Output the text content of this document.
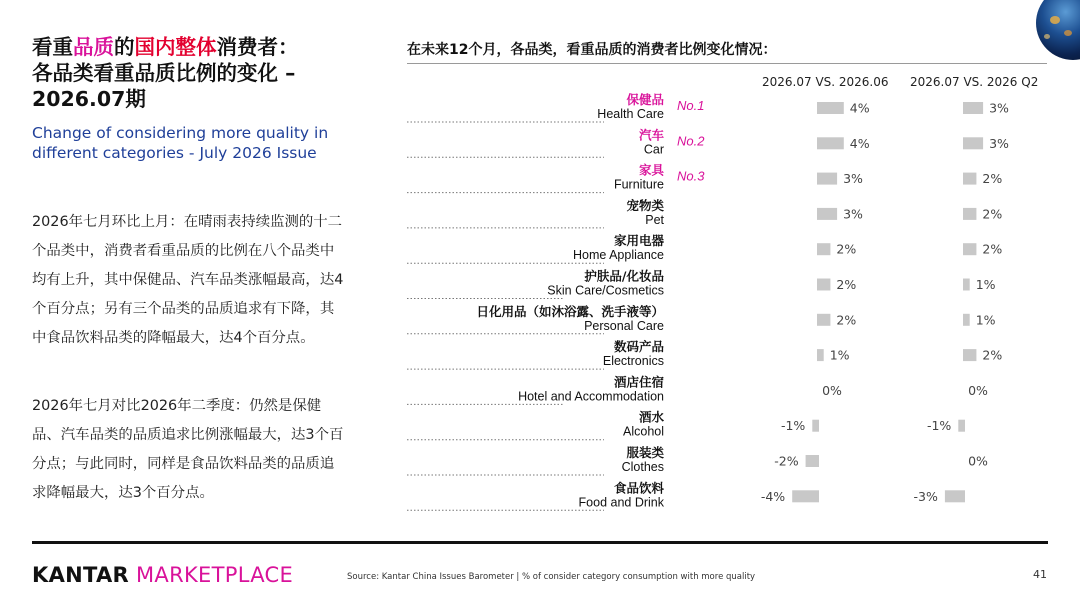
看重品质的国内整体消费者：
各品类看重品质比例的变化 –
2026.07期
Change of considering more quality in different categories - July 2026 Issue
2026年七月环比上月：在晴雨表持续监测的十二个品类中，消费者看重品质的比例在八个品类中均有上升，其中保健品、汽车品类涨幅最高，达4个百分点；另有三个品类的品质追求有下降，其中食品饮料品类的降幅最大，达4个百分点。
2026年七月对比2026年二季度：仍然是保健品、汽车品类的品质追求比例涨幅最大，达3个百分点；与此同时，同样是食品饮料品类的品质追求降幅最大，达3个百分点。
在未来12个月，各品类，看重品质的消费者比例变化情况：
2026.07 VS. 2026.06 2026.07 VS. 2026 Q2
保健品
Health Care
No.1	4%	3%
汽车
Car
No.2	4%	3%
家具
Furniture
No.3	3%	2%
宠物类
Pet	3%	2%
家用电器
Home Appliance	2%	2%
护肤品/化妆品
Skin Care/Cosmetics	2%	1%
日化用品（如沐浴露、洗手液等）
Personal Care	2%	1%
数码产品
Electronics	1%	2%
酒店住宿
Hotel and Accommodation	0%	0%
酒水
Alcohol	-1%	-1%
服装类
Clothes	-2%	0%
食品饮料
Food and Drink	-4%	-3%
KANTAR MARKETPLACE	Source: Kantar China Issues Barometer | % of consider category consumption with more quality	41
